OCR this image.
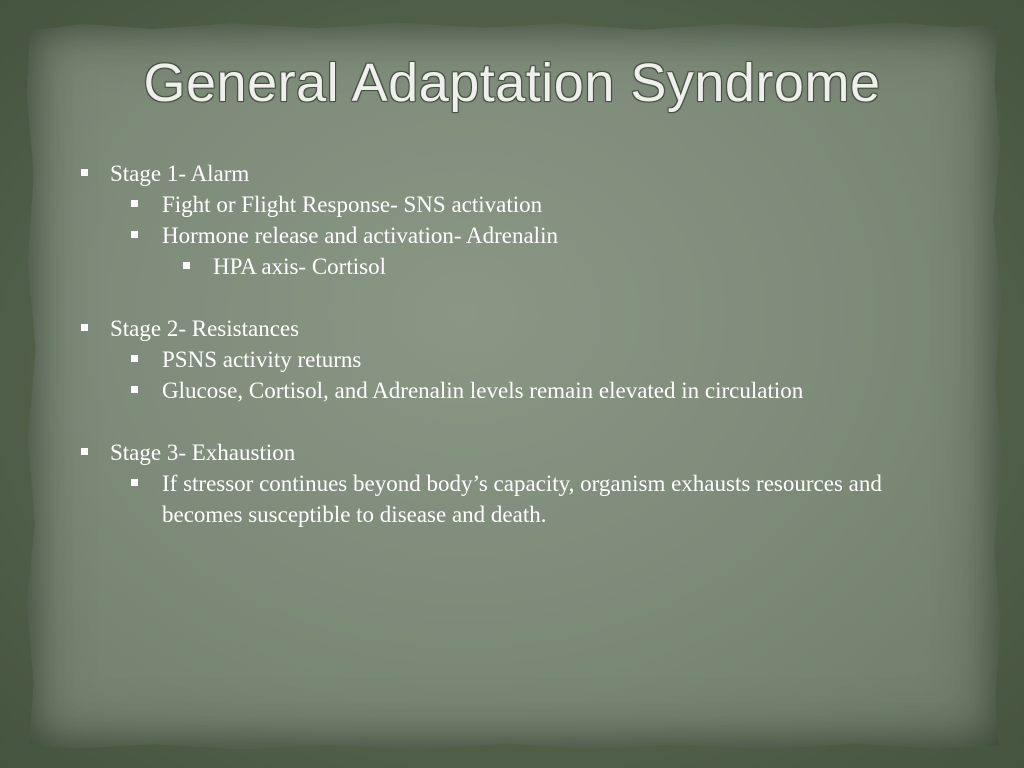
General Adaptation Syndrome
Stage 1- Alarm
Fight or Flight Response- SNS activation
Hormone release and activation- Adrenalin
HPA axis- Cortisol
Stage 2- Resistances
PSNS activity returns
Glucose, Cortisol, and Adrenalin levels remain elevated in circulation
Stage 3- Exhaustion
If stressor continues beyond body’s capacity, organism exhausts resources and becomes susceptible to disease and death.
